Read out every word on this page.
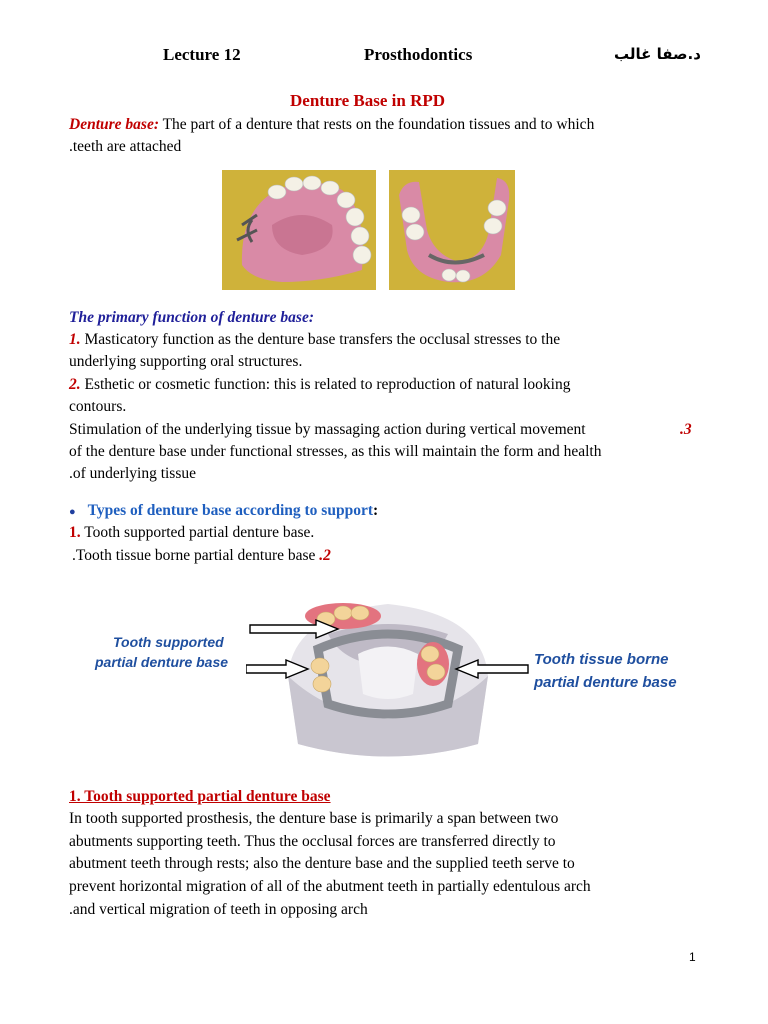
Lecture 12	Prosthodontics	د.صفا غالب
Denture Base in RPD
Denture base: The part of a denture that rests on the foundation tissues and to which
.teeth are attached
The primary function of denture base:
1. Masticatory function as the denture base transfers the occlusal stresses to the
underlying supporting oral structures.
2. Esthetic or cosmetic function: this is related to reproduction of natural looking
contours.
Stimulation of the underlying tissue by massaging action during vertical movement	.3
of the denture base under functional stresses, as this will maintain the form and health
.of underlying tissue
● Types of denture base according to support:
1. Tooth supported partial denture base.
.Tooth tissue borne partial denture base .2
Tooth supported
partial denture base	Tooth tissue borne
partial denture base
1. Tooth supported partial denture base
In tooth supported prosthesis, the denture base is primarily a span between two
abutments supporting teeth. Thus the occlusal forces are transferred directly to
abutment teeth through rests; also the denture base and the supplied teeth serve to
prevent horizontal migration of all of the abutment teeth in partially edentulous arch
.and vertical migration of teeth in opposing arch
1
